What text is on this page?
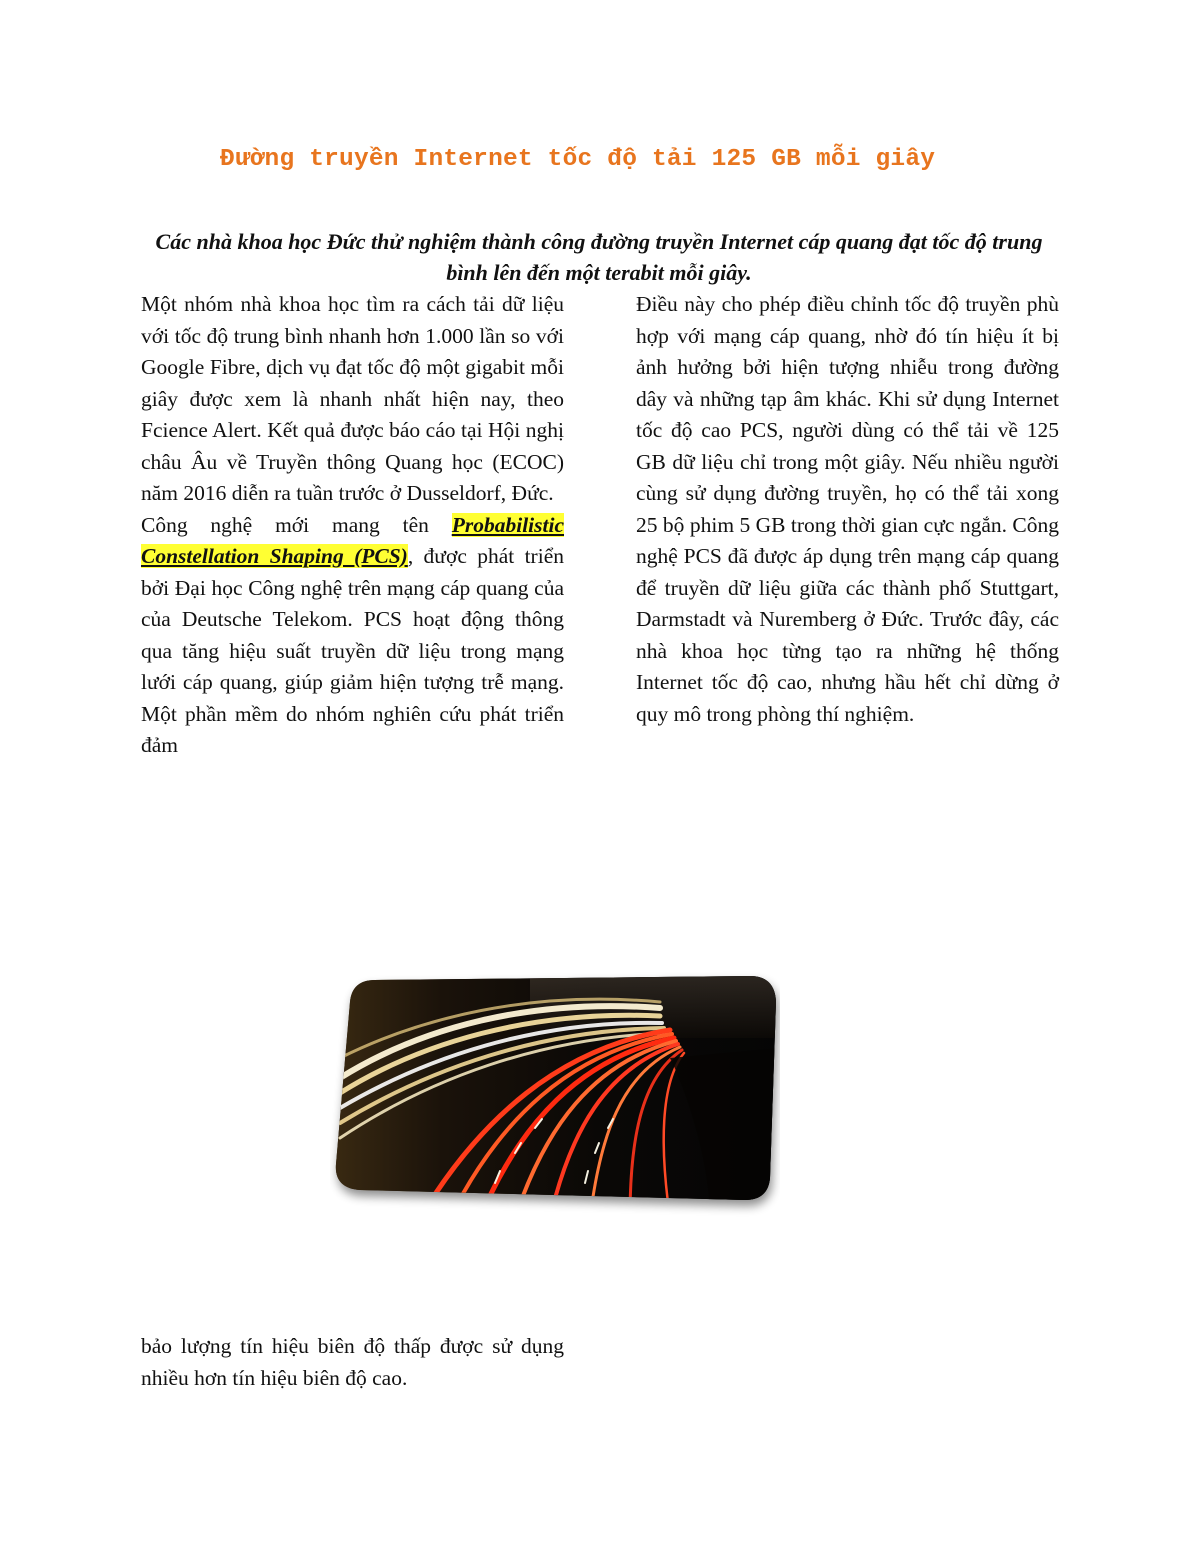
Đường truyền Internet tốc độ tải 125 GB mỗi giây

Các nhà khoa học Đức thử nghiệm thành công đường truyền Internet cáp quang đạt tốc độ trung bình lên đến một terabit mỗi giây.

Một nhóm nhà khoa học tìm ra cách tải dữ liệu với tốc độ trung bình nhanh hơn 1.000 lần so với Google Fibre, dịch vụ đạt tốc độ một gigabit mỗi giây được xem là nhanh nhất hiện nay, theo Fcience Alert. Kết quả được báo cáo tại Hội nghị châu Âu về Truyền thông Quang học (ECOC) năm 2016 diễn ra tuần trước ở Dusseldorf, Đức.

Công nghệ mới mang tên Probabilistic Constellation Shaping (PCS), được phát triển bởi Đại học Công nghệ trên mạng cáp quang của của Deutsche Telekom. PCS hoạt động thông qua tăng hiệu suất truyền dữ liệu trong mạng lưới cáp quang, giúp giảm hiện tượng trễ mạng. Một phần mềm do nhóm nghiên cứu phát triển đảm

Điều này cho phép điều chỉnh tốc độ truyền phù hợp với mạng cáp quang, nhờ đó tín hiệu ít bị ảnh hưởng bởi hiện tượng nhiễu trong đường dây và những tạp âm khác. Khi sử dụng Internet tốc độ cao PCS, người dùng có thể tải về 125 GB dữ liệu chỉ trong một giây. Nếu nhiều người cùng sử dụng đường truyền, họ có thể tải xong 25 bộ phim 5 GB trong thời gian cực ngắn. Công nghệ PCS đã được áp dụng trên mạng cáp quang để truyền dữ liệu giữa các thành phố Stuttgart, Darmstadt và Nuremberg ở Đức. Trước đây, các nhà khoa học từng tạo ra những hệ thống Internet tốc độ cao, nhưng hầu hết chỉ dừng ở quy mô trong phòng thí nghiệm.

bảo lượng tín hiệu biên độ thấp được sử dụng nhiều hơn tín hiệu biên độ cao.
